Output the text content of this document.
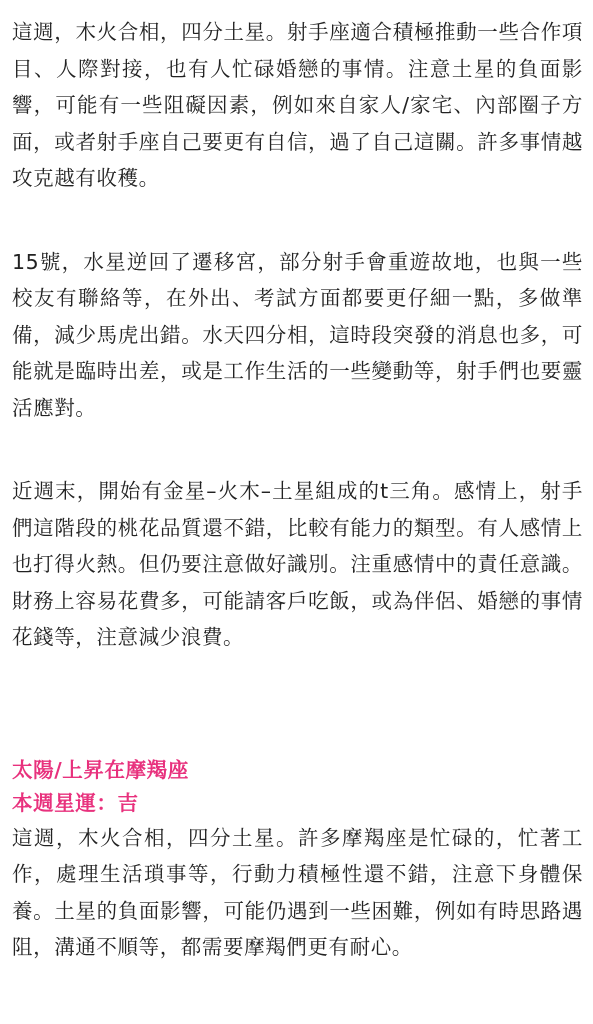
這週，木火合相，四分土星。射手座適合積極推動一些合作項目、人際對接，也有人忙碌婚戀的事情。注意土星的負面影響，可能有一些阻礙因素，例如來自家人/家宅、內部圈子方面，或者射手座自己要更有自信，過了自己這關。許多事情越攻克越有收穫。

15號，水星逆回了遷移宮，部分射手會重遊故地，也與一些校友有聯絡等，在外出、考試方面都要更仔細一點，多做準備，減少馬虎出錯。水天四分相，這時段突發的消息也多，可能就是臨時出差，或是工作生活的一些變動等，射手們也要靈活應對。

近週末，開始有金星–火木–土星組成的t三角。感情上，射手們這階段的桃花品質還不錯，比較有能力的類型。有人感情上也打得火熱。但仍要注意做好識別。注重感情中的責任意識。財務上容易花費多，可能請客戶吃飯，或為伴侶、婚戀的事情花錢等，注意減少浪費。

太陽/上昇在摩羯座

本週星運：吉

這週，木火合相，四分土星。許多摩羯座是忙碌的，忙著工作，處理生活瑣事等，行動力積極性還不錯，注意下身體保養。土星的負面影響，可能仍遇到一些困難，例如有時思路遇阻，溝通不順等，都需要摩羯們更有耐心。
